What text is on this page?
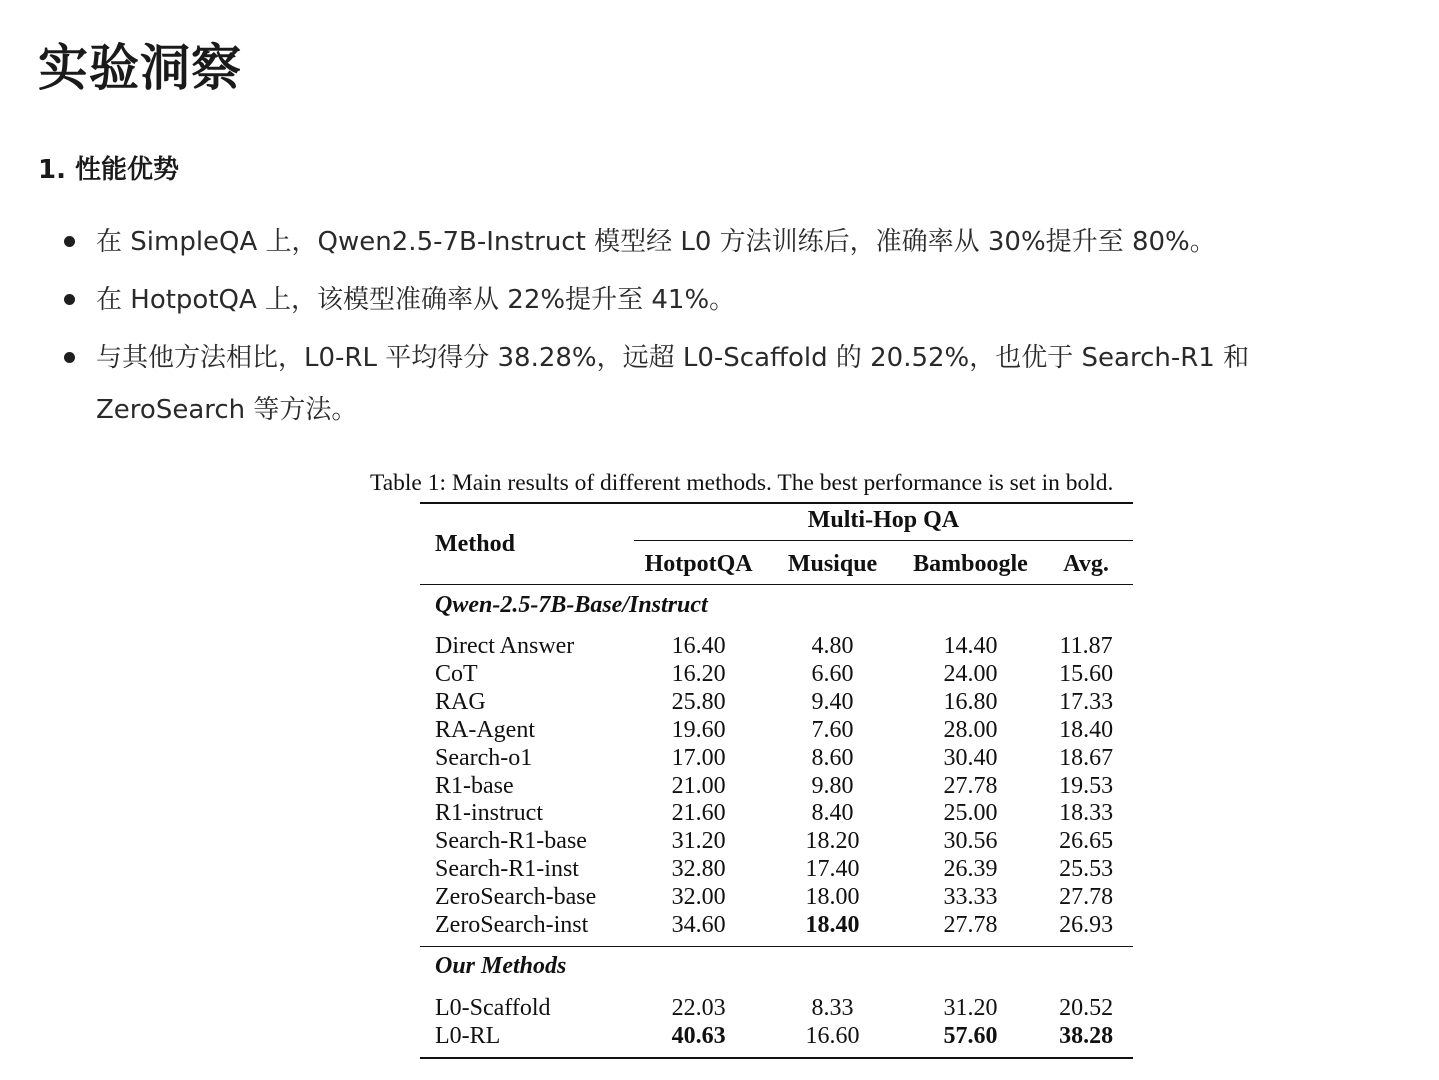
实验洞察
1. 性能优势
在 SimpleQA 上，Qwen2.5-7B-Instruct 模型经 L0 方法训练后，准确率从 30%提升至 80%。
在 HotpotQA 上，该模型准确率从 22%提升至 41%。
与其他方法相比，L0-RL 平均得分 38.28%，远超 L0-Scaffold 的 20.52%，也优于 Search-R1 和 ZeroSearch 等方法。
Table 1: Main results of different methods. The best performance is set in bold.
Method	Multi-Hop QA			

	HotpotQA	Musique	Bamboogle	Avg.
Qwen-2.5-7B-Base/Instruct				

Direct Answer	16.40	4.80	14.40	11.87
CoT	16.20	6.60	24.00	15.60
RAG	25.80	9.40	16.80	17.33
RA-Agent	19.60	7.60	28.00	18.40
Search-o1	17.00	8.60	30.40	18.67
R1-base	21.00	9.80	27.78	19.53
R1-instruct	21.60	8.40	25.00	18.33
Search-R1-base	31.20	18.20	30.56	26.65
Search-R1-inst	32.80	17.40	26.39	25.53
ZeroSearch-base	32.00	18.00	33.33	27.78
ZeroSearch-inst	34.60	18.40	27.78	26.93

Our Methods				

L0-Scaffold	22.03	8.33	31.20	20.52
L0-RL	40.63	16.60	57.60	38.28
